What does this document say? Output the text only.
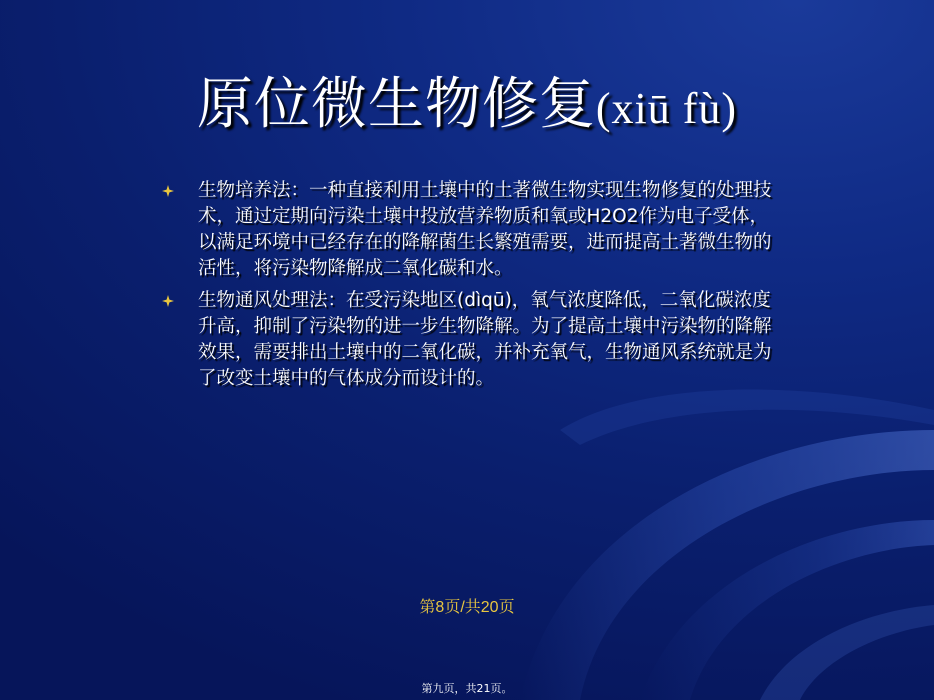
原位微生物修复(xiū fù)

生物培养法：一种直接利用土壤中的土著微生物实现生物修复的处理技术，通过定期向污染土壤中投放营养物质和氧或H2O2作为电子受体，以满足环境中已经存在的降解菌生长繁殖需要，进而提高土著微生物的活性，将污染物降解成二氧化碳和水。

生物通风处理法：在受污染地区(dìqū)，氧气浓度降低，二氧化碳浓度升高，抑制了污染物的进一步生物降解。为了提高土壤中污染物的降解效果，需要排出土壤中的二氧化碳，并补充氧气，生物通风系统就是为了改变土壤中的气体成分而设计的。

第8页/共20页

第九页，共21页。
